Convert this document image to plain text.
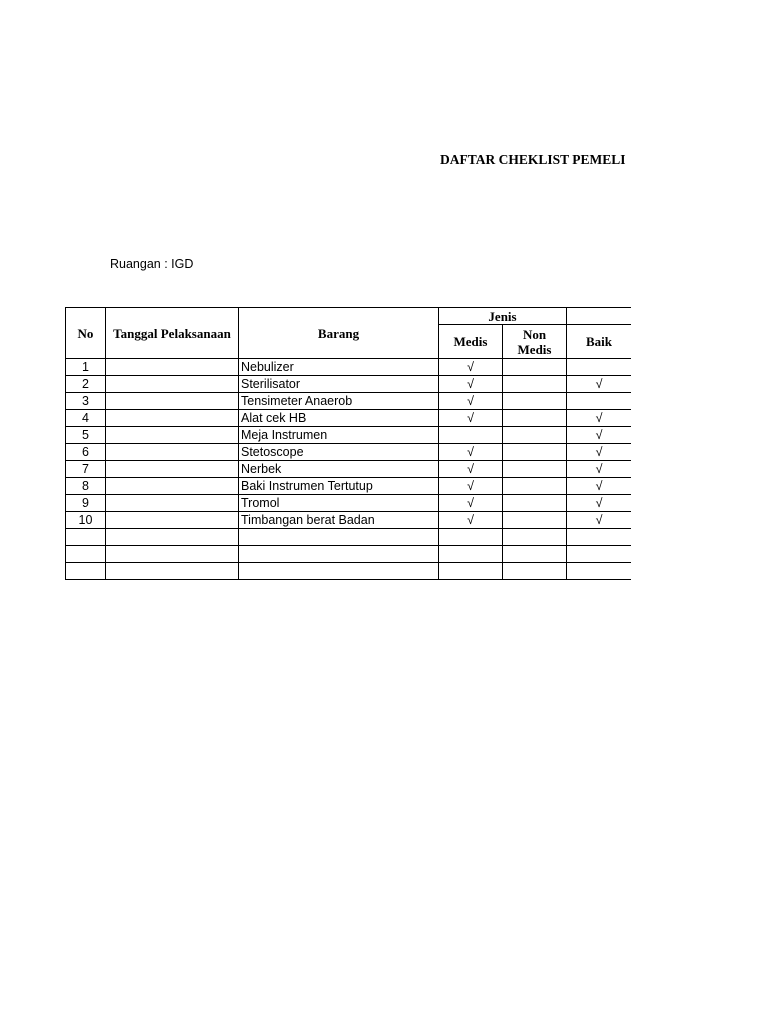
DAFTAR CHEKLIST PEMELI
Ruangan : IGD
No	Tanggal Pelaksanaan	Barang	Jenis			
			Medis	Non Medis	Baik	
1		Nebulizer	√			
2		Sterilisator	√		√	
3		Tensimeter Anaerob	√			
4		Alat cek HB	√		√	
5		Meja Instrumen			√	
6		Stetoscope	√		√	
7		Nerbek	√		√	
8		Baki Instrumen Tertutup	√		√	
9		Tromol	√		√	
10		Timbangan berat Badan	√		√	
